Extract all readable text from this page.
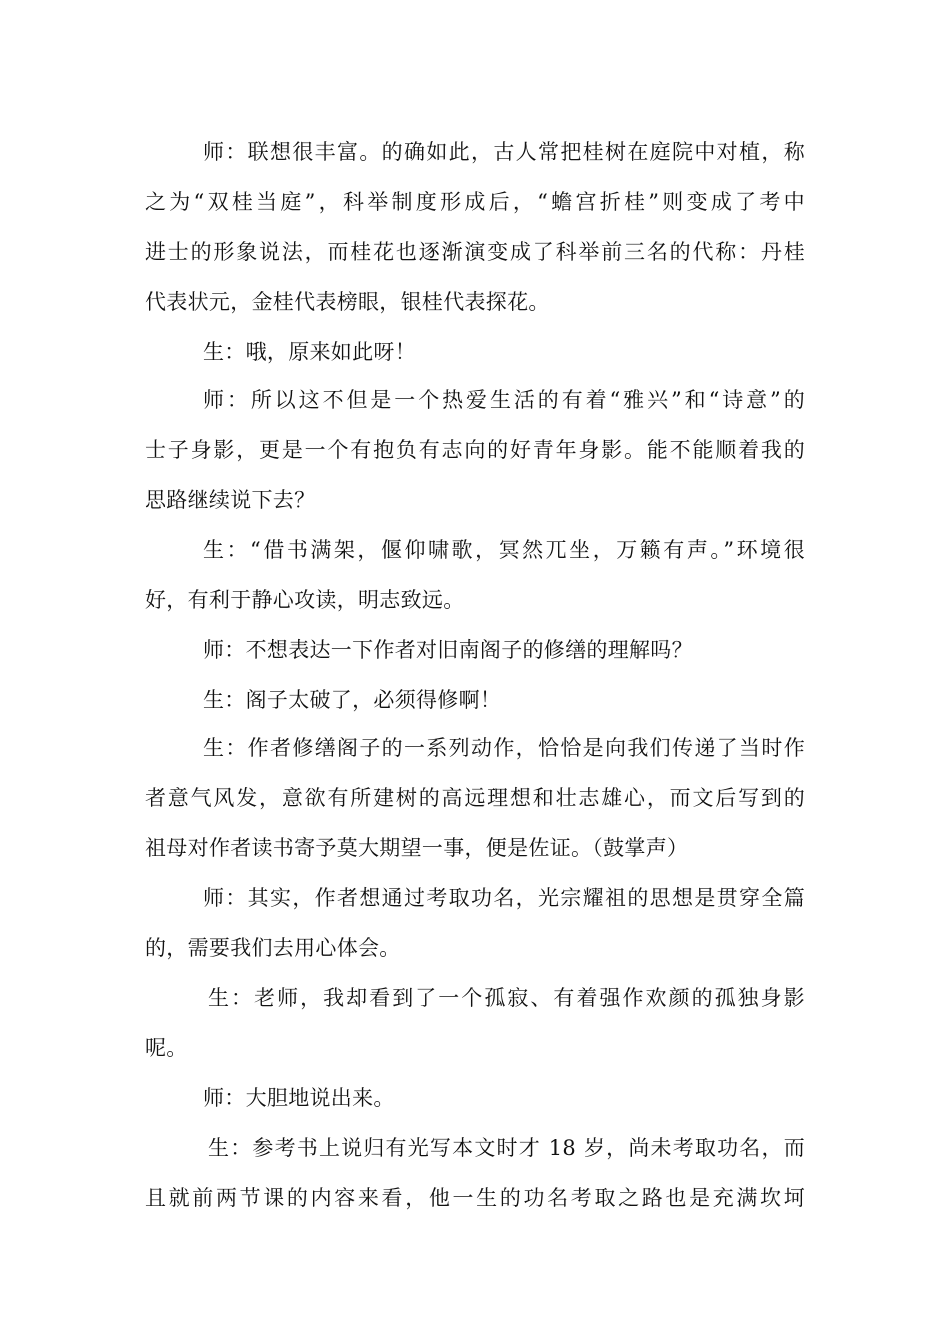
师：联想很丰富。的确如此，古人常把桂树在庭院中对植，称

之为“双桂当庭”，科举制度形成后，“蟾宫折桂”则变成了考中

进士的形象说法，而桂花也逐渐演变成了科举前三名的代称：丹桂

代表状元，金桂代表榜眼，银桂代表探花。

生：哦，原来如此呀！

师：所以这不但是一个热爱生活的有着“雅兴”和“诗意”的

士子身影，更是一个有抱负有志向的好青年身影。能不能顺着我的

思路继续说下去？

生：“借书满架，偃仰啸歌，冥然兀坐，万籁有声。”环境很

好，有利于静心攻读，明志致远。

师：不想表达一下作者对旧南阁子的修缮的理解吗？

生：阁子太破了，必须得修啊！

生：作者修缮阁子的一系列动作，恰恰是向我们传递了当时作

者意气风发，意欲有所建树的高远理想和壮志雄心，而文后写到的

祖母对作者读书寄予莫大期望一事，便是佐证。（鼓掌声）

师：其实，作者想通过考取功名，光宗耀祖的思想是贯穿全篇

的，需要我们去用心体会。

生：老师，我却看到了一个孤寂、有着强作欢颜的孤独身影

呢。

师：大胆地说出来。

生：参考书上说归有光写本文时才 18 岁，尚未考取功名，而

且就前两节课的内容来看，他一生的功名考取之路也是充满坎坷
